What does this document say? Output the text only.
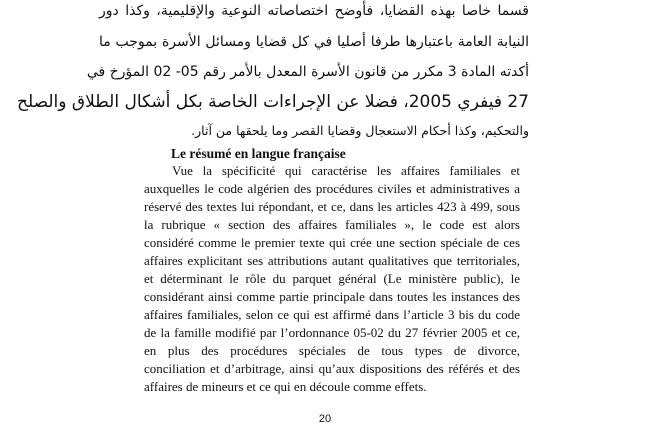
قسما خاصا بهذه القضايا، فأوضح اختصاصاته النوعية والإقليمية، وكذا دور
النيابة العامة باعتبارها طرفا أصليا في كل قضايا ومسائل الأسرة بموجب ما
أكدته المادة 3 مكرر من قانون الأسرة المعدل بالأمر رقم 05- 02 المؤرخ في
27 فيفري 2005، فضلا عن الإجراءات الخاصة بكل أشكال الطلاق والصلح
والتحكيم، وكذا أحكام الاستعجال وقضايا القصر وما يلحقها من آثار.
Le résumé en langue française
Vue la spécificité qui caractérise les affaires familiales et
auxquelles le code algérien des procédures civiles et administratives a
réservé des textes lui répondant, et ce, dans les articles 423 à 499, sous
la rubrique « section des affaires familiales », le code est alors
considéré comme le premier texte qui crée une section spéciale de ces
affaires explicitant ses attributions autant qualitatives que territoriales,
et déterminant le rôle du parquet général (Le ministère public), le
considérant ainsi comme partie principale dans toutes les instances des
affaires familiales, selon ce qui est affirmé dans l’article 3 bis du code
de la famille modifié par l’ordonnance 05-02 du 27 février 2005 et ce,
en plus des procédures spéciales de tous types de divorce,
conciliation et d’arbitrage, ainsi qu’aux dispositions des référés et des
affaires de mineurs et ce qui en découle comme effets.
20
